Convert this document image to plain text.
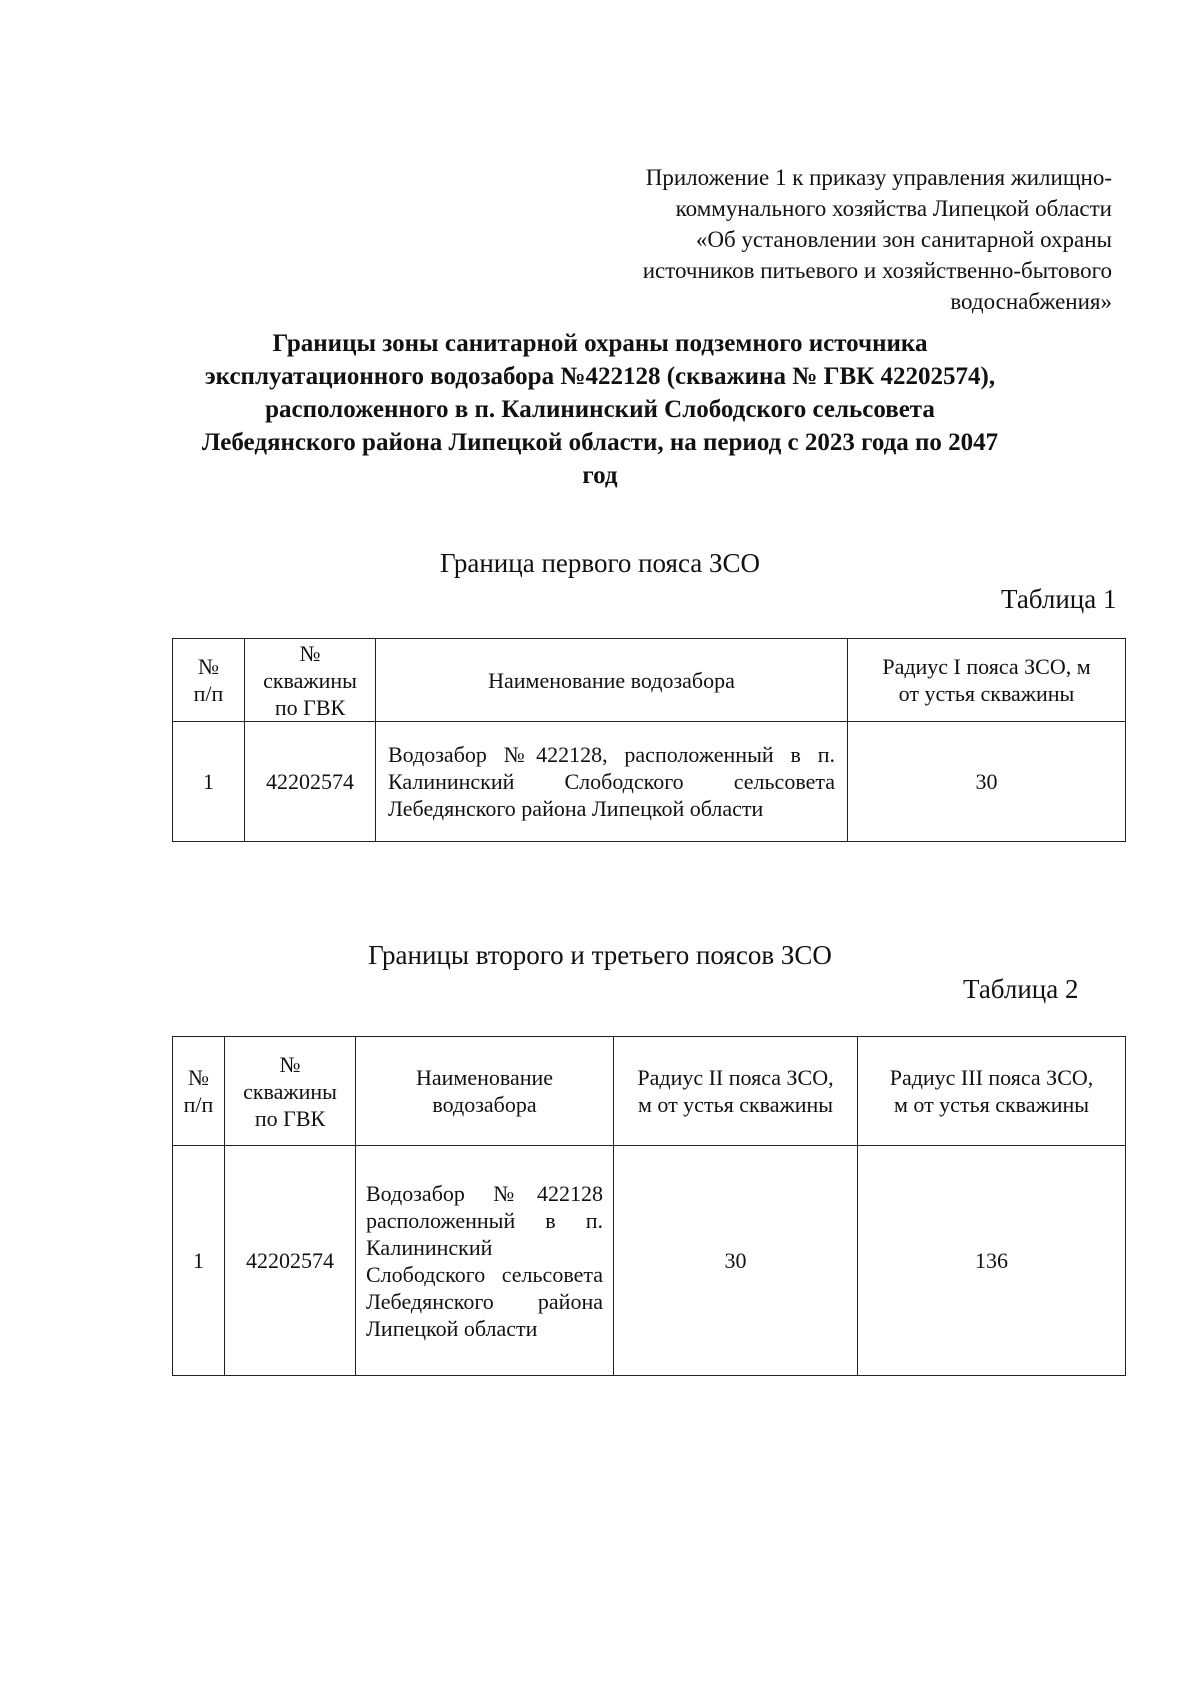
Приложение 1 к приказу управления жилищно-
коммунального хозяйства Липецкой области
«Об установлении зон санитарной охраны
источников питьевого и хозяйственно-бытового
водоснабжения»
Границы зоны санитарной охраны подземного источника
эксплуатационного водозабора №422128 (скважина № ГВК 42202574),
расположенного в п. Калининский Слободского сельсовета
Лебедянского района Липецкой области, на период с 2023 года по 2047
год
Граница первого пояса ЗСО
Таблица 1
№
п/п	№
скважины
по ГВК	Наименование водозабора	Радиус I пояса ЗСО, м
от устья скважины

1	42202574	Водозабор №422128, расположенный в п. Калининский Слободского сельсовета Лебедянского района Липецкой области	30
Границы второго и третьего поясов ЗСО
Таблица 2
№
п/п	№
скважины
по ГВК	Наименование
водозабора	Радиус II пояса ЗСО,
м от устья скважины	Радиус III пояса ЗСО,
м от устья скважины

1	42202574	Водозабор №422128 расположенный в п. Калининский Слободского сельсовета Лебедянского района Липецкой области	30	136
